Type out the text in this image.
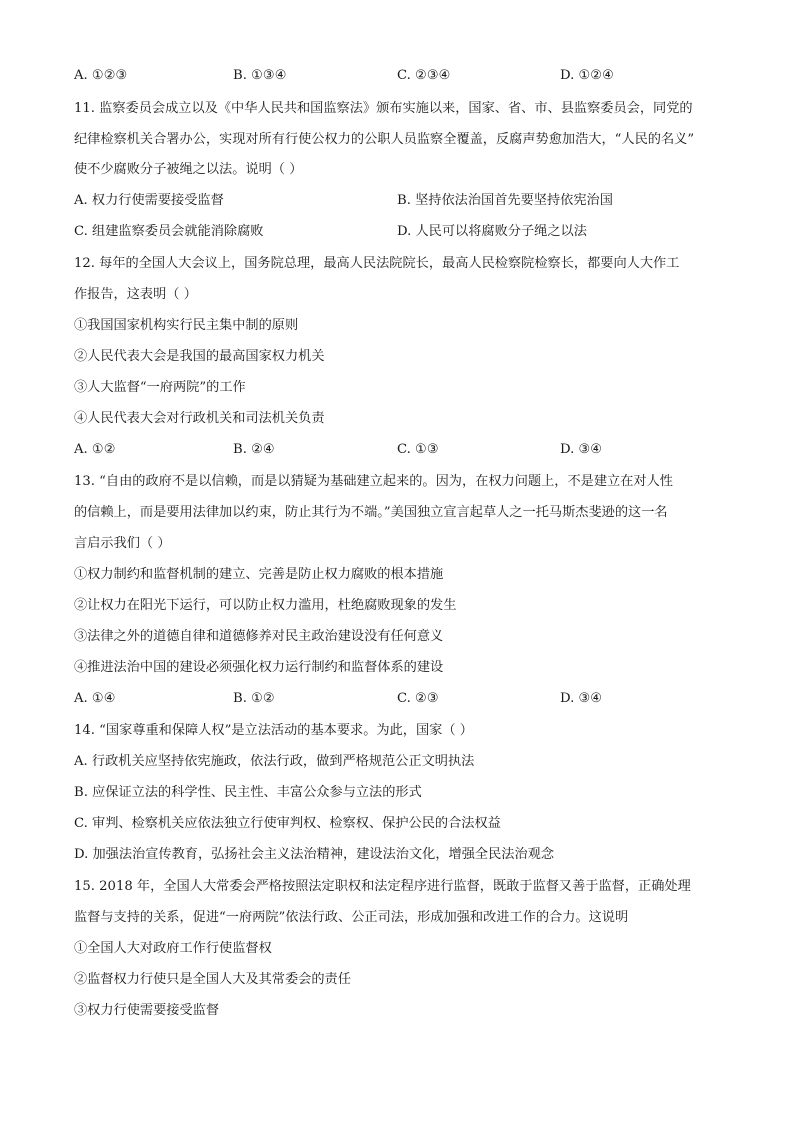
A. ①②③	B. ①③④	C. ②③④	D. ①②④
11. 监察委员会成立以及《中华人民共和国监察法》颁布实施以来，国家、省、市、县监察委员会，同党的
纪律检察机关合署办公，实现对所有行使公权力的公职人员监察全覆盖，反腐声势愈加浩大，“人民的名义”
使不少腐败分子被绳之以法。说明（ ）
A. 权力行使需要接受监督	B. 坚持依法治国首先要坚持依宪治国
C. 组建监察委员会就能消除腐败	D. 人民可以将腐败分子绳之以法
12. 每年的全国人大会议上，国务院总理，最高人民法院院长，最高人民检察院检察长，都要向人大作工
作报告，这表明（ ）
①我国国家机构实行民主集中制的原则
②人民代表大会是我国的最高国家权力机关
③人大监督“一府两院”的工作
④人民代表大会对行政机关和司法机关负责
A. ①②	B. ②④	C. ①③	D. ③④
13. “自由的政府不是以信赖，而是以猜疑为基础建立起来的。因为，在权力问题上，不是建立在对人性
的信赖上，而是要用法律加以约束，防止其行为不端。”美国独立宣言起草人之一托马斯杰斐逊的这一名
言启示我们（ ）
①权力制约和监督机制的建立、完善是防止权力腐败的根本措施
②让权力在阳光下运行，可以防止权力滥用，杜绝腐败现象的发生
③法律之外的道德自律和道德修养对民主政治建设没有任何意义
④推进法治中国的建设必须强化权力运行制约和监督体系的建设
A. ①④	B. ①②	C. ②③	D. ③④
14. “国家尊重和保障人权”是立法活动的基本要求。为此，国家（ ）
A. 行政机关应坚持依宪施政，依法行政，做到严格规范公正文明执法
B. 应保证立法的科学性、民主性、丰富公众参与立法的形式
C. 审判、检察机关应依法独立行使审判权、检察权、保护公民的合法权益
D. 加强法治宣传教育，弘扬社会主义法治精神，建设法治文化，增强全民法治观念
15. 2018 年，全国人大常委会严格按照法定职权和法定程序进行监督，既敢于监督又善于监督，正确处理
监督与支持的关系，促进“一府两院”依法行政、公正司法，形成加强和改进工作的合力。这说明
①全国人大对政府工作行使监督权
②监督权力行使只是全国人大及其常委会的责任
③权力行使需要接受监督
